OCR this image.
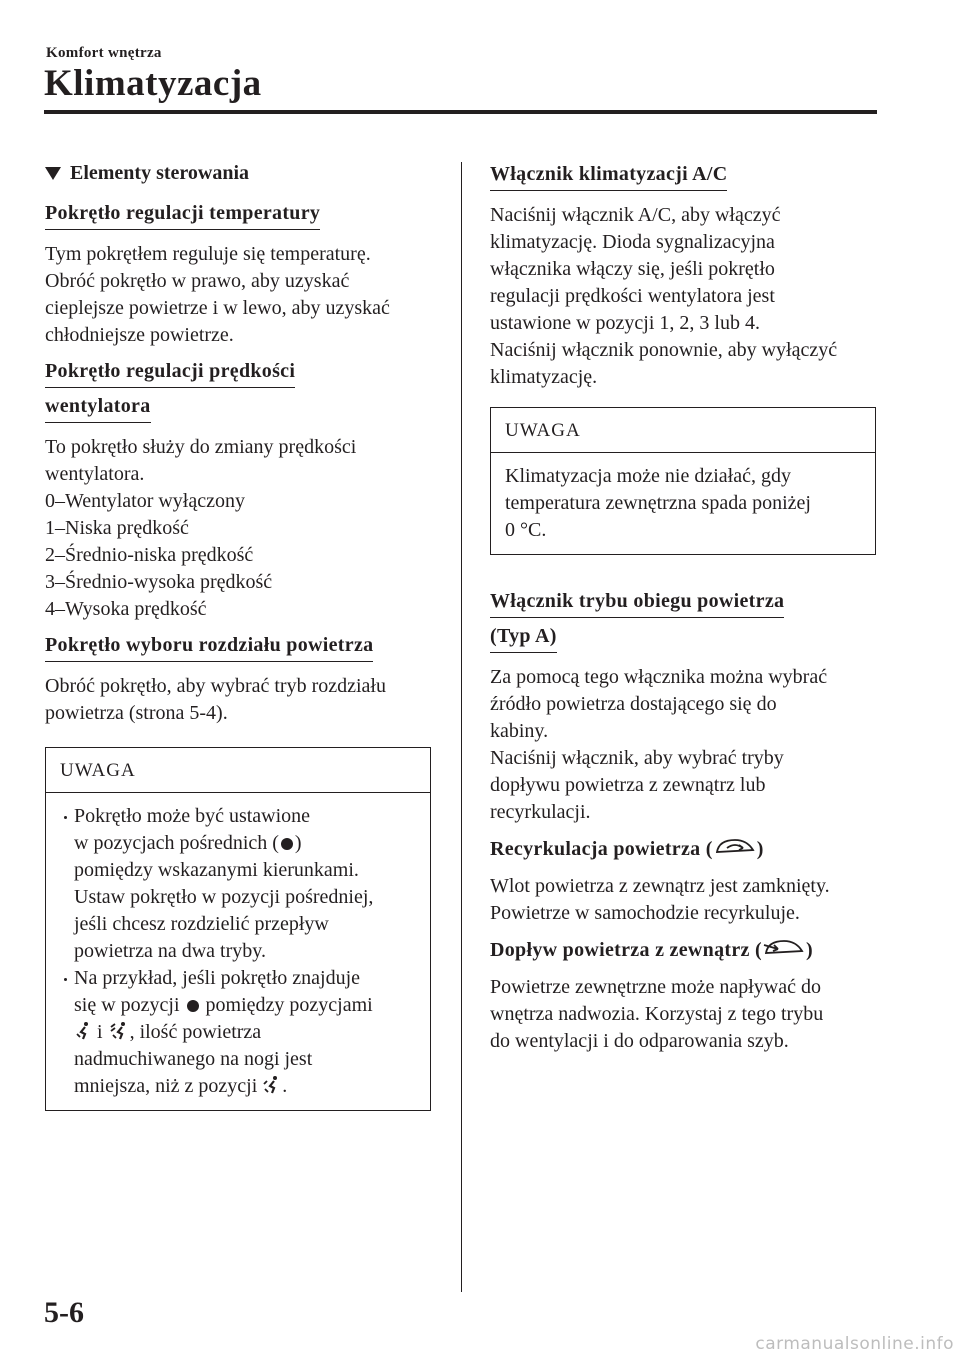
Komfort wnętrza
Klimatyzacja
Elementy sterowania
Pokrętło regulacji temperatury
Tym pokrętłem reguluje się temperaturę.
Obróć pokrętło w prawo, aby uzyskać
cieplejsze powietrze i w lewo, aby uzyskać
chłodniejsze powietrze.
Pokrętło regulacji prędkości
wentylatora
To pokrętło służy do zmiany prędkości
wentylatora.
0–Wentylator wyłączony
1–Niska prędkość
2–Średnio-niska prędkość
3–Średnio-wysoka prędkość
4–Wysoka prędkość
Pokrętło wyboru rozdziału powietrza
Obróć pokrętło, aby wybrać tryb rozdziału
powietrza (strona 5-4).
UWAGA
Pokrętło może być ustawione
w pozycjach pośrednich ( )
pomiędzy wskazanymi kierunkami.
Ustaw pokrętło w pozycji pośredniej,
jeśli chcesz rozdzielić przepływ
powietrza na dwa tryby.
Na przykład, jeśli pokrętło znajduje
się w pozycji pomiędzy pozycjami
i , ilość powietrza
nadmuchiwanego na nogi jest
mniejsza, niż z pozycji .
Włącznik klimatyzacji A/C
Naciśnij włącznik A/C, aby włączyć
klimatyzację. Dioda sygnalizacyjna
włącznika włączy się, jeśli pokrętło
regulacji prędkości wentylatora jest
ustawione w pozycji 1, 2, 3 lub 4.
Naciśnij włącznik ponownie, aby wyłączyć
klimatyzację.
UWAGA
Klimatyzacja może nie działać, gdy
temperatura zewnętrzna spada poniżej
0 °C.
Włącznik trybu obiegu powietrza
(Typ A)
Za pomocą tego włącznika można wybrać
źródło powietrza dostającego się do
kabiny.
Naciśnij włącznik, aby wybrać tryby
dopływu powietrza z zewnątrz lub
recyrkulacji.
Recyrkulacja powietrza ( )
Wlot powietrza z zewnątrz jest zamknięty.
Powietrze w samochodzie recyrkuluje.
Dopływ powietrza z zewnątrz ( )
Powietrze zewnętrzne może napływać do
wnętrza nadwozia. Korzystaj z tego trybu
do wentylacji i do odparowania szyb.
5-6
carmanualsonline.info
